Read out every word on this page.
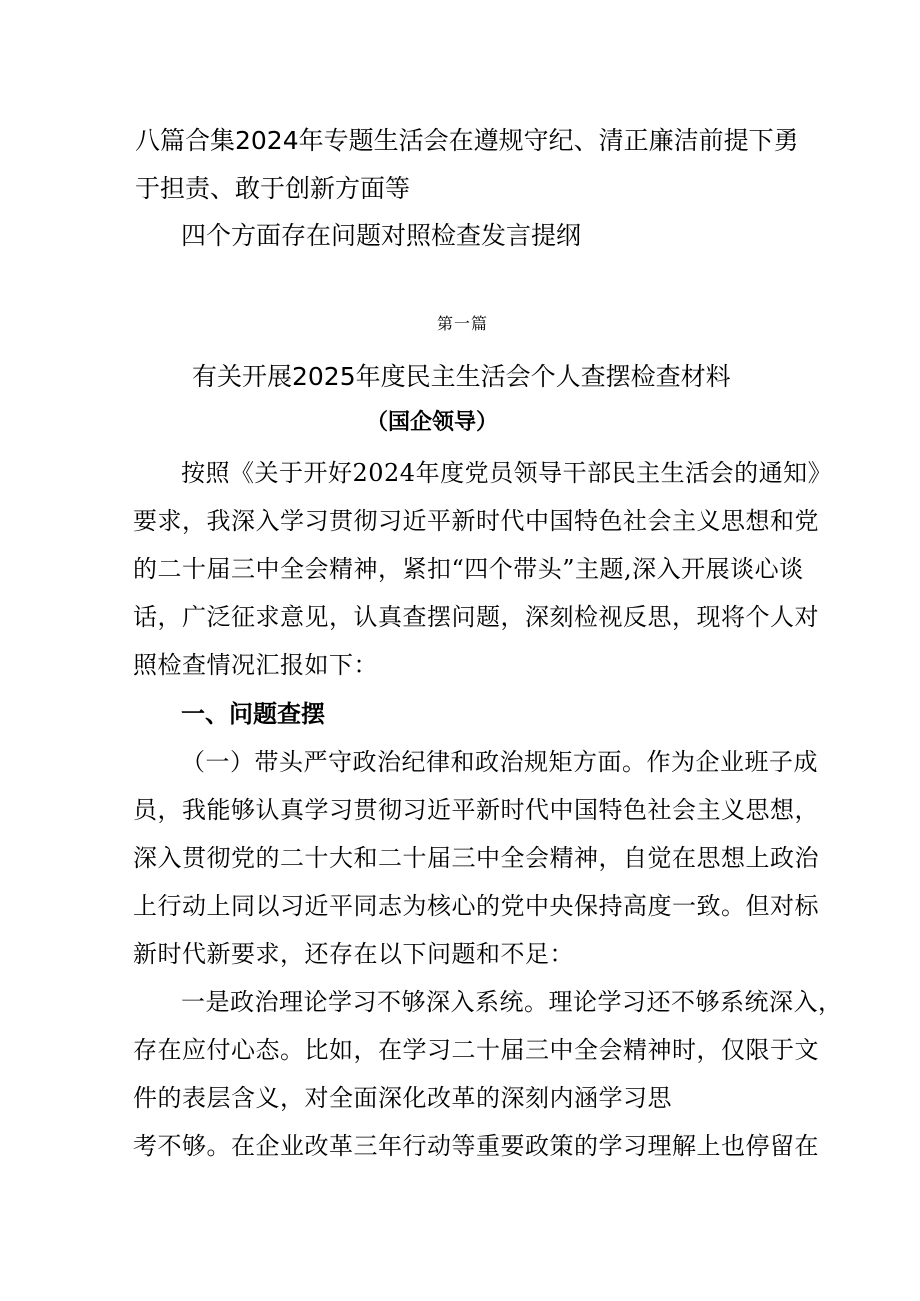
八篇合集2024年专题生活会在遵规守纪、清正廉洁前提下勇

于担责、敢于创新方面等

四个方面存在问题对照检查发言提纲

第一篇

有关开展2025年度民主生活会个人查摆检查材料

（国企领导）

按照《关于开好2024年度党员领导干部民主生活会的通知》

要求，我深入学习贯彻习近平新时代中国特色社会主义思想和党

的二十届三中全会精神，紧扣“四个带头”主题,深入开展谈心谈

话，广泛征求意见，认真查摆问题，深刻检视反思，现将个人对

照检查情况汇报如下：

一、问题查摆

（一）带头严守政治纪律和政治规矩方面。作为企业班子成

员，我能够认真学习贯彻习近平新时代中国特色社会主义思想，

深入贯彻党的二十大和二十届三中全会精神，自觉在思想上政治

上行动上同以习近平同志为核心的党中央保持高度一致。但对标

新时代新要求，还存在以下问题和不足：

一是政治理论学习不够深入系统。理论学习还不够系统深入，

存在应付心态。比如，在学习二十届三中全会精神时，仅限于文

件的表层含义，对全面深化改革的深刻内涵学习思

考不够。在企业改革三年行动等重要政策的学习理解上也停留在
